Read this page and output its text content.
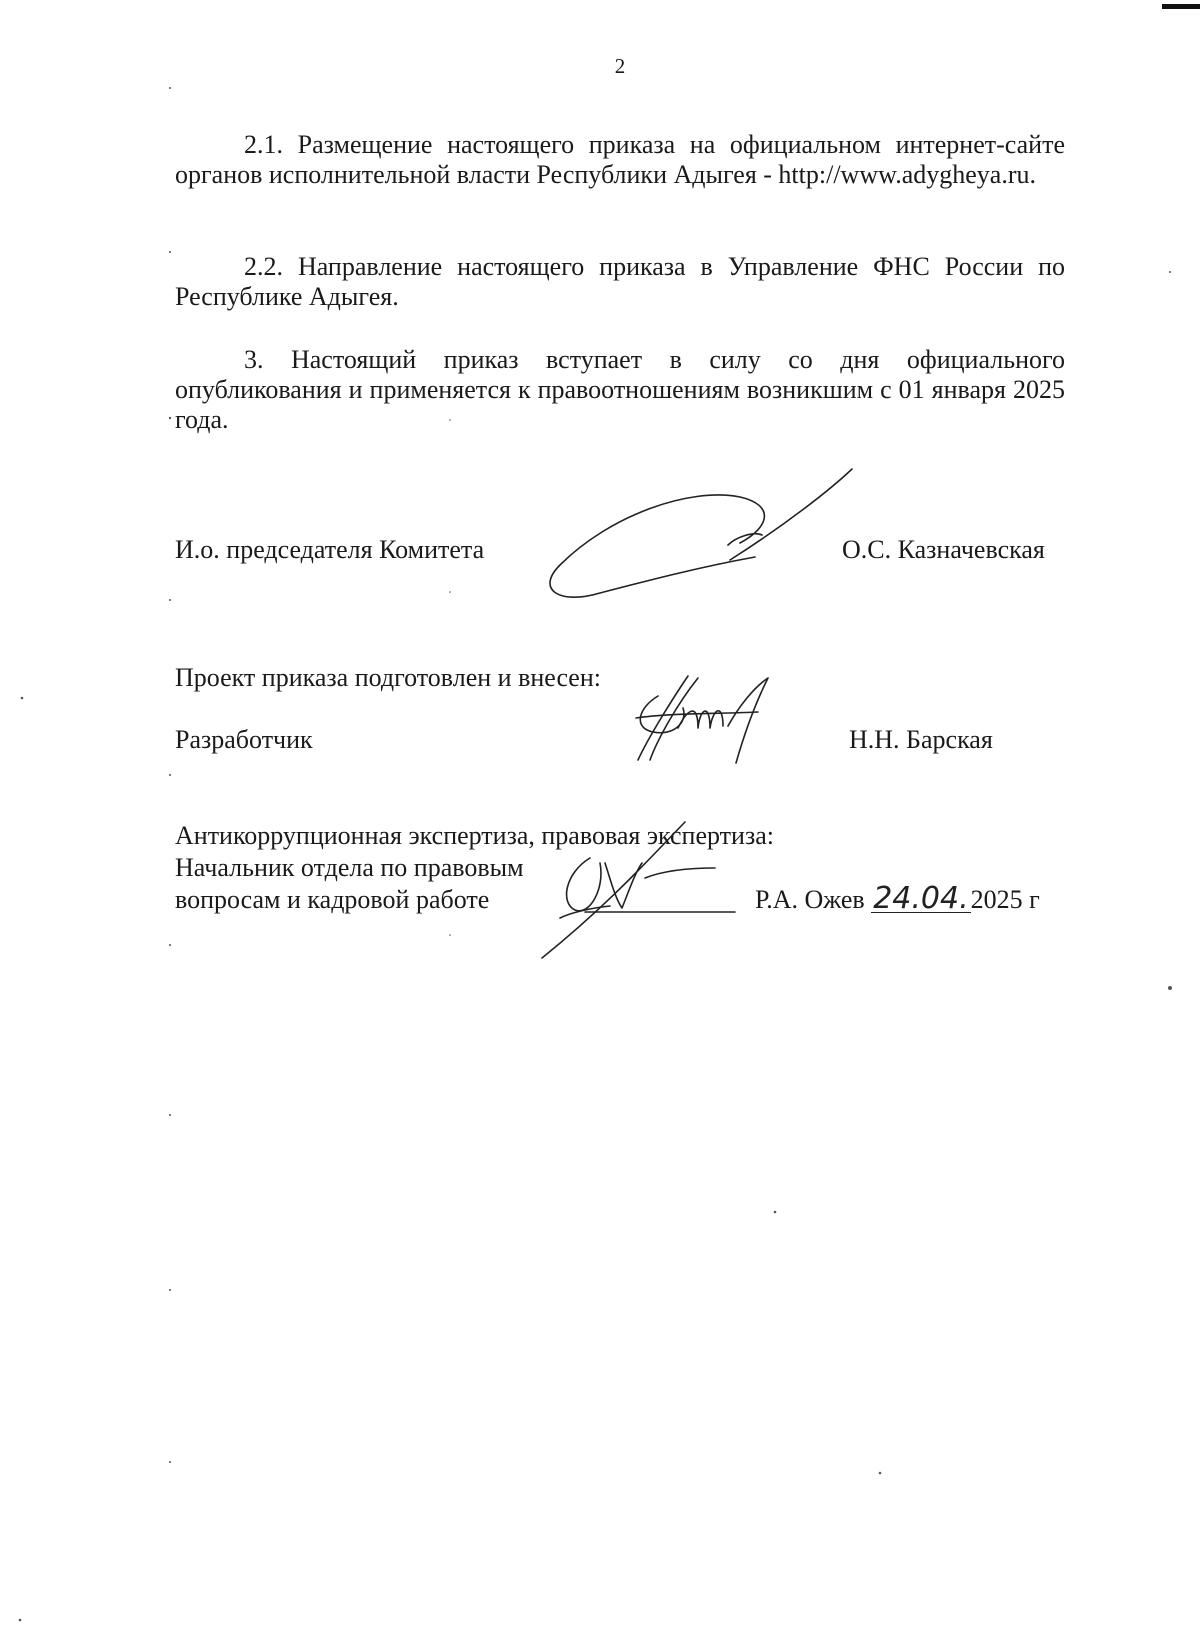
2

2.1. Размещение настоящего приказа на официальном интернет-сайте органов исполнительной власти Республики Адыгея - http://www.adygheya.ru.

2.2. Направление настоящего приказа в Управление ФНС России по Республике Адыгея.

3. Настоящий приказ вступает в силу со дня официального опубликования и применяется к правоотношениям возникшим с 01 января 2025 года.

И.о. председателя Комитета	О.С. Казначевская
Проект приказа подготовлен и внесен:
Разработчик	Н.Н. Барская
Антикоррупционная экспертиза, правовая экспертиза:
Начальник отдела по правовым
вопросам и кадровой работе	Р.А. Ожев 24.04.2025 г
